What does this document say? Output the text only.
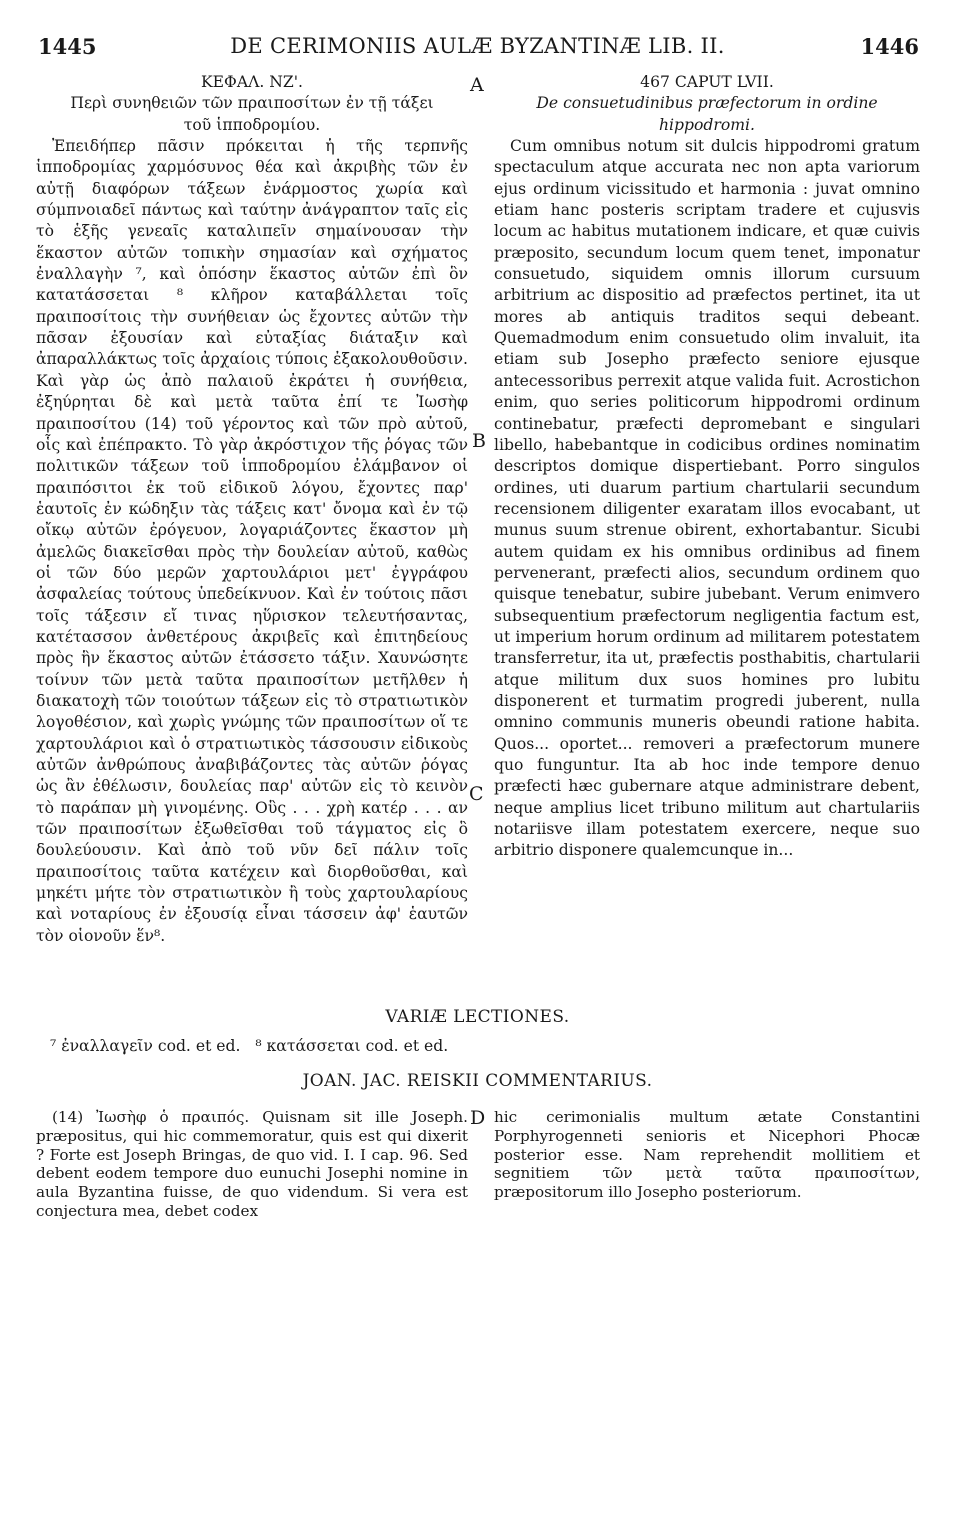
1445	DE CERIMONIIS AULÆ BYZANTINÆ LIB. II.	1446
A
B
C
D

ΚΕΦΑΛ. ΝΖ'.

Περὶ συνηθειῶν τῶν πραιποσίτων ἐν τῇ τάξει

τοῦ ἱπποδρομίου.

Ἐπειδήπερ πᾶσιν πρόκειται ἡ τῆς τερπνῆς ἱπποδρομίας χαρμόσυνος θέα καὶ ἀκριβὴς τῶν ἐν αὐτῇ διαφόρων τάξεων ἐνάρμοστος χωρία καὶ σύμπνοιαδεῖ πάντως καὶ ταύτην ἀνάγραπτον ταῖς εἰς τὸ ἑξῆς γενεαῖς καταλιπεῖν σημαίνουσαν τὴν ἕκαστον αὐτῶν τοπικὴν σημασίαν καὶ σχήματος ἐναλλαγὴν ⁷, καὶ ὁπόσην ἕκαστος αὐτῶν ἐπὶ ὃν κατατάσσεται ⁸ κλῆρον καταβάλλεται τοῖς πραιποσίτοις τὴν συνήθειαν ὡς ἔχοντες αὐτῶν τὴν πᾶσαν ἐξουσίαν καὶ εὐταξίας διάταξιν καὶ ἀπαραλλάκτως τοῖς ἀρχαίοις τύποις ἐξακολουθοῦσιν. Καὶ γὰρ ὡς ἀπὸ παλαιοῦ ἐκράτει ἡ συνήθεια, ἐξηύρηται δὲ καὶ μετὰ ταῦτα ἐπί τε Ἰωσὴφ πραιποσίτου (14) τοῦ γέροντος καὶ τῶν πρὸ αὐτοῦ, οἷς καὶ ἐπέπρακτο. Τὸ γὰρ ἀκρόστιχον τῆς ῥόγας τῶν πολιτικῶν τάξεων τοῦ ἱπποδρομίου ἐλάμβανον οἱ πραιπόσιτοι ἐκ τοῦ εἰδικοῦ λόγου, ἔχοντες παρ' ἑαυτοῖς ἐν κώδηξιν τὰς τάξεις κατ' ὄνομα καὶ ἐν τῷ οἴκῳ αὐτῶν ἐρόγευον, λογαριάζοντες ἕκαστον μὴ ἀμελῶς διακεῖσθαι πρὸς τὴν δουλείαν αὐτοῦ, καθὼς οἱ τῶν δύο μερῶν χαρτουλάριοι μετ' ἐγγράφου ἀσφαλείας τούτους ὑπεδείκνυον. Καὶ ἐν τούτοις πᾶσι τοῖς τάξεσιν εἴ τινας ηὕρισκον τελευτήσαντας, κατέτασσον ἀνθετέρους ἀκριβεῖς καὶ ἐπιτηδείους πρὸς ἣν ἕκαστος αὐτῶν ἐτάσσετο τάξιν. Χαυνώσητε τοίνυν τῶν μετὰ ταῦτα πραιποσίτων μετῆλθεν ἡ διακατοχὴ τῶν τοιούτων τάξεων εἰς τὸ στρατιωτικὸν λογοθέσιον, καὶ χωρὶς γνώμης τῶν πραιποσίτων οἵ τε χαρτουλάριοι καὶ ὁ στρατιωτικὸς τάσσουσιν εἰδικοὺς αὐτῶν ἀνθρώπους ἀναβιβάζοντες τὰς αὐτῶν ῥόγας ὡς ἂν ἐθέλωσιν, δουλείας παρ' αὐτῶν εἰς τὸ κεινὸν τὸ παράπαν μὴ γινομένης. Οὓς . . . χρὴ κατέρ . . . αν τῶν πραιποσίτων ἐξωθεῖσθαι τοῦ τάγματος εἰς ὃ δουλεύουσιν. Καὶ ἀπὸ τοῦ νῦν δεῖ πάλιν τοῖς πραιποσίτοις ταῦτα κατέχειν καὶ διορθοῦσθαι, καὶ μηκέτι μήτε τὸν στρατιωτικὸν ἢ τοὺς χαρτουλαρίους καὶ νοταρίους ἐν ἐξουσίᾳ εἶναι τάσσειν ἀφ' ἑαυτῶν τὸν οἱονοῦν ἕν⁸.

467 CAPUT LVII.

De consuetudinibus præfectorum in ordine

hippodromi.

Cum omnibus notum sit dulcis hippodromi gratum spectaculum atque accurata nec non apta variorum ejus ordinum vicissitudo et harmonia : juvat omnino etiam hanc posteris scriptam tradere et cujusvis locum ac habitus mutationem indicare, et quæ cuivis præposito, secundum locum quem tenet, imponatur consuetudo, siquidem omnis illorum cursuum arbitrium ac dispositio ad præfectos pertinet, ita ut mores ab antiquis traditos sequi debeant. Quemadmodum enim consuetudo olim invaluit, ita etiam sub Josepho præfecto seniore ejusque antecessoribus perrexit atque valida fuit. Acrostichon enim, quo series politicorum hippodromi ordinum continebatur, præfecti depromebant e singulari libello, habebantque in codicibus ordines nominatim descriptos domique dispertiebant. Porro singulos ordines, uti duarum partium chartularii secundum recensionem diligenter exaratam illos evocabant, ut munus suum strenue obirent, exhortabantur. Sicubi autem quidam ex his omnibus ordinibus ad finem pervenerant, præfecti alios, secundum ordinem quo quisque tenebatur, subire jubebant. Verum enimvero subsequentium præfectorum negligentia factum est, ut imperium horum ordinum ad militarem potestatem transferretur, ita ut, præfectis posthabitis, chartularii atque militum dux suos homines pro lubitu disponerent et turmatim progredi juberent, nulla omnino communis muneris obeundi ratione habita. Quos... oportet... removeri a præfectorum munere quo funguntur. Ita ab hoc inde tempore denuo præfecti hæc gubernare atque administrare debent, neque amplius licet tribuno militum aut chartulariis notariisve illam potestatem exercere, neque suo arbitrio disponere qualemcunque in...

VARIÆ LECTIONES.
⁷ ἐναλλαγεῖν cod. et ed.   ⁸ κατάσσεται cod. et ed.
JOAN. JAC. REISKII COMMENTARIUS.

(14) Ἰωσὴφ ὁ πραιπός. Quisnam sit ille Joseph. præpositus, qui hic commemoratur, quis est qui dixerit ? Forte est Joseph Bringas, de quo vid. I. I cap. 96. Sed debent eodem tempore duo eunuchi Josephi nomine in aula Byzantina fuisse, de quo videndum. Si vera est conjectura mea, debet codex

hic cerimonialis multum ætate Constantini Porphyrogenneti senioris et Nicephori Phocæ posterior esse. Nam reprehendit mollitiem et segnitiem τῶν μετὰ ταῦτα πραιποσίτων, præpositorum illo Josepho posteriorum.
